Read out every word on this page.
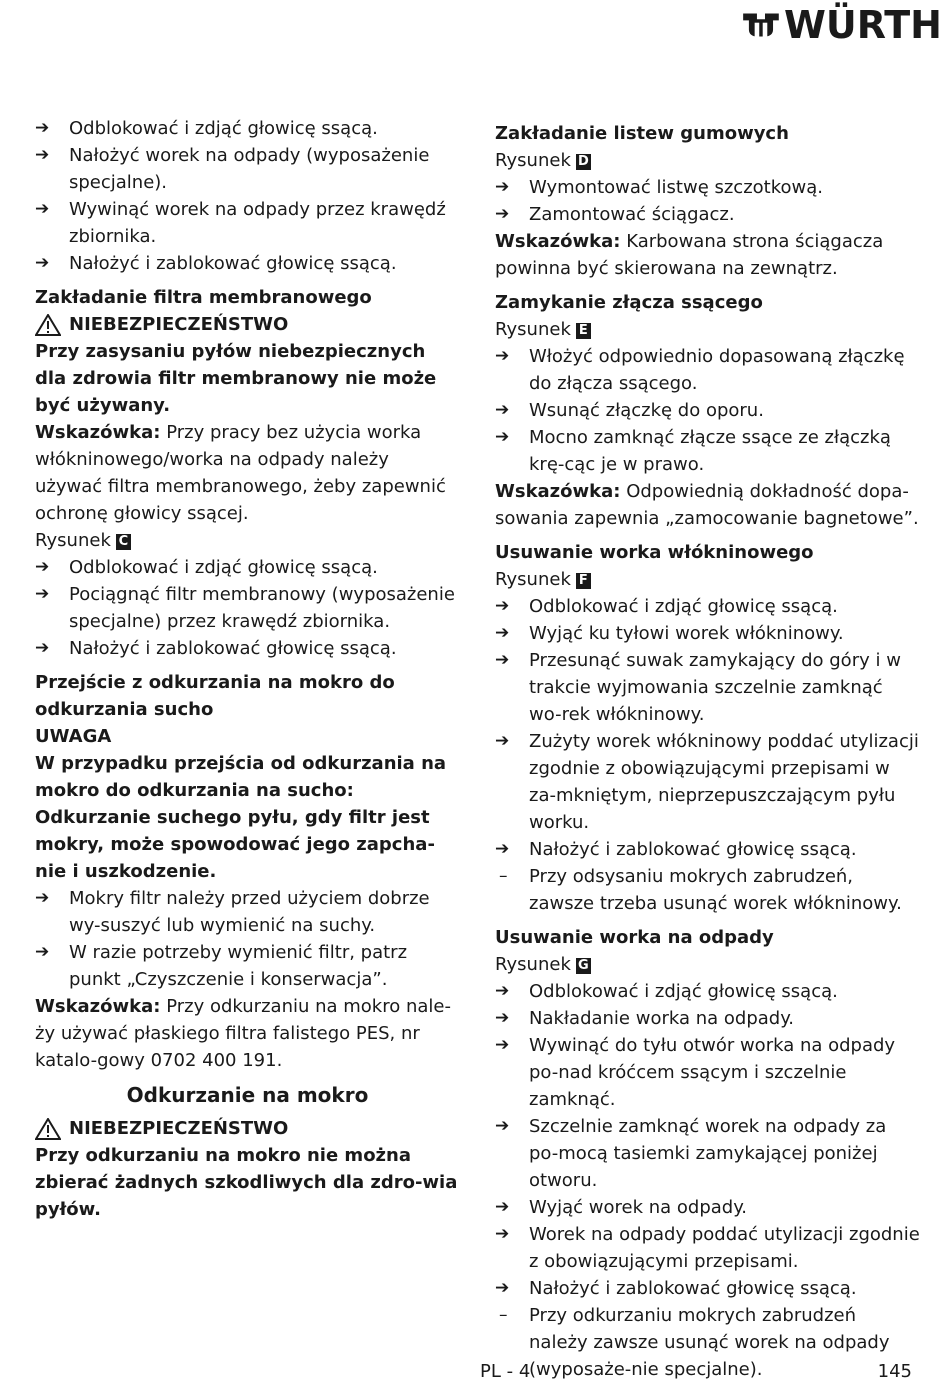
WÜRTH
➔	Odblokować i zdjąć głowicę ssącą.
➔	Nałożyć worek na odpady (wyposażenie specjalne).
➔	Wywinąć worek na odpady przez krawędź zbiornika.
➔	Nałożyć i zablokować głowicę ssącą.
Zakładanie filtra membranowego
NIEBEZPIECZEŃSTWO
Przy zasysaniu pyłów niebezpiecznych dla zdrowia filtr membranowy nie może być używany.
Wskazówka: Przy pracy bez użycia worka włókninowego/worka na odpady należy używać filtra membranowego, żeby zapewnić ochronę głowicy ssącej.
Rysunek C
➔	Odblokować i zdjąć głowicę ssącą.
➔	Pociągnąć filtr membranowy (wyposażenie specjalne) przez krawędź zbiornika.
➔	Nałożyć i zablokować głowicę ssącą.
Przejście z odkurzania na mokro do odkurzania sucho
UWAGA
W przypadku przejścia od odkurzania na mokro do odkurzania na sucho: Odkurzanie suchego pyłu, gdy filtr jest mokry, może spowodować jego zapcha-nie i uszkodzenie.
➔	Mokry filtr należy przed użyciem dobrze wy-suszyć lub wymienić na suchy.
➔	W razie potrzeby wymienić filtr, patrz punkt „Czyszczenie i konserwacja”.
Wskazówka: Przy odkurzaniu na mokro nale-ży używać płaskiego filtra falistego PES, nr katalo-gowy 0702 400 191.
Odkurzanie na mokro
NIEBEZPIECZEŃSTWO
Przy odkurzaniu na mokro nie można zbierać żadnych szkodliwych dla zdro-wia pyłów.
Zakładanie listew gumowych
Rysunek D
➔	Wymontować listwę szczotkową.
➔	Zamontować ściągacz.
Wskazówka: Karbowana strona ściągacza powinna być skierowana na zewnątrz.
Zamykanie złącza ssącego
Rysunek E
➔	Włożyć odpowiednio dopasowaną złączkę do złącza ssącego.
➔	Wsunąć złączkę do oporu.
➔	Mocno zamknąć złącze ssące ze złączką krę-cąc je w prawo.
Wskazówka: Odpowiednią dokładność dopa-sowania zapewnia „zamocowanie bagnetowe”.
Usuwanie worka włókninowego
Rysunek F
➔	Odblokować i zdjąć głowicę ssącą.
➔	Wyjąć ku tyłowi worek włókninowy.
➔	Przesunąć suwak zamykający do góry i w trakcie wyjmowania szczelnie zamknąć wo-rek włókninowy.
➔	Zużyty worek włókninowy poddać utylizacji zgodnie z obowiązującymi przepisami w za-mkniętym, nieprzepuszczającym pyłu worku.
➔	Nałożyć i zablokować głowicę ssącą.
–	Przy odsysaniu mokrych zabrudzeń, zawsze trzeba usunąć worek włókninowy.
Usuwanie worka na odpady
Rysunek G
➔	Odblokować i zdjąć głowicę ssącą.
➔	Nakładanie worka na odpady.
➔	Wywinąć do tyłu otwór worka na odpady po-nad króćcem ssącym i szczelnie zamknąć.
➔	Szczelnie zamknąć worek na odpady za po-mocą tasiemki zamykającej poniżej otworu.
➔	Wyjąć worek na odpady.
➔	Worek na odpady poddać utylizacji zgodnie z obowiązującymi przepisami.
➔	Nałożyć i zablokować głowicę ssącą.
–	Przy odkurzaniu mokrych zabrudzeń należy zawsze usunąć worek na odpady (wyposaże-nie specjalne).
PL - 4	145
